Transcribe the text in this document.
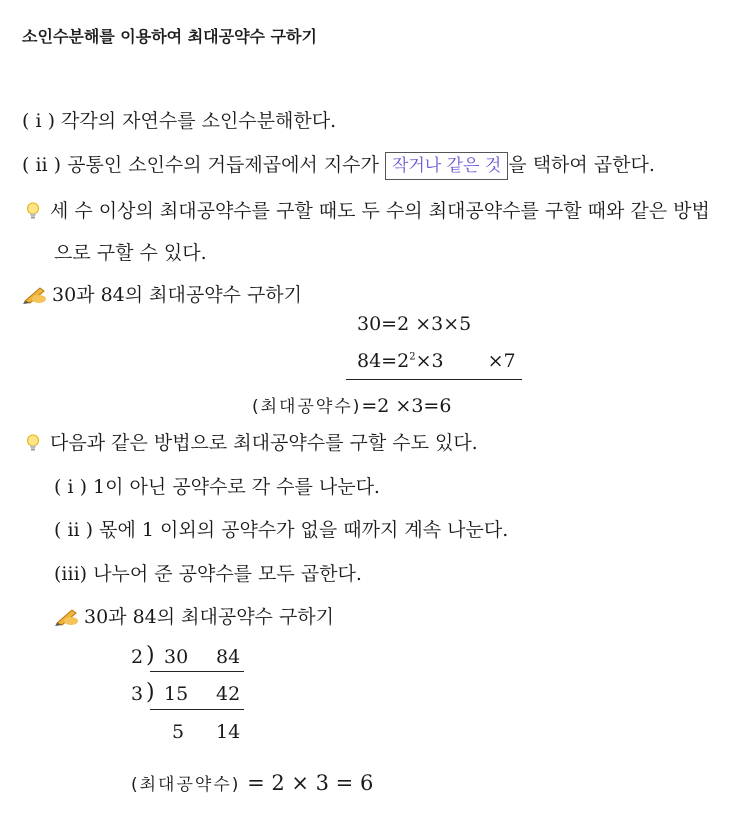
소인수분해를 이용하여 최대공약수 구하기
( i ) 각각의 자연수를 소인수분해한다.
( ii ) 공통인 소인수의 거듭제곱에서 지수가 작거나 같은 것 을 택하여 곱한다.
세 수 이상의 최대공약수를 구할 때도 두 수의 최대공약수를 구할 때와 같은 방법
으로 구할 수 있다.
30과 84의 최대공약수 구하기
30=2 ×3×5
$84=2^2\times 3 \times 7$
(최대공약수)=2 ×3=6
다음과 같은 방법으로 최대공약수를 구할 수도 있다.
( i ) 1이 아닌 공약수로 각 수를 나눈다.
( ii ) 몫에 1 이외의 공약수가 없을 때까지 계속 나눈다.
(iii) 나누어 준 공약수를 모두 곱한다.
30과 84의 최대공약수 구하기
2 ) 30 84
3 ) 15 42
5 14
(최대공약수) = 2 × 3 = 6
